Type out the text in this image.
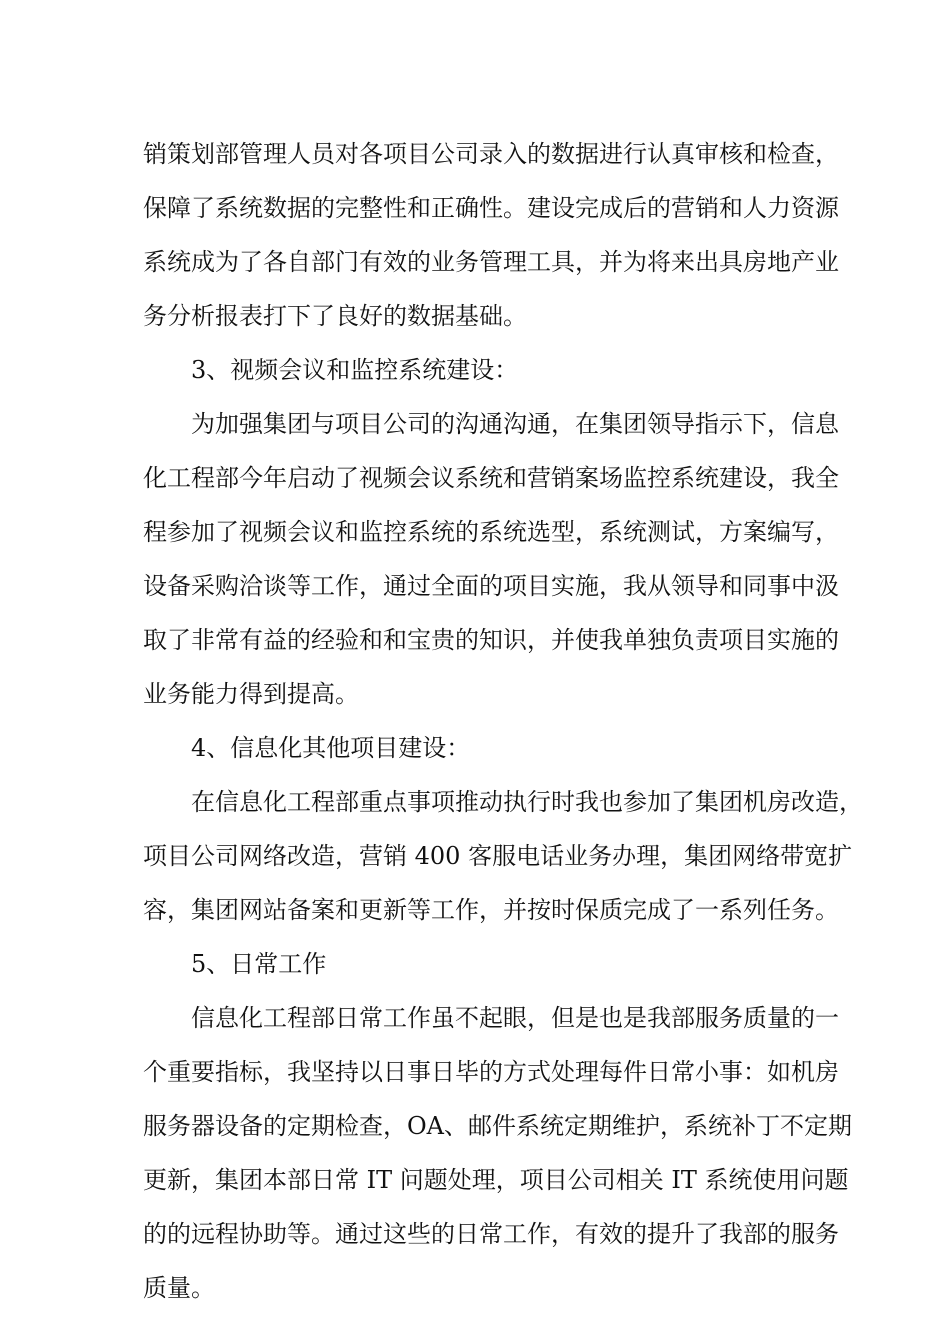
销策划部管理人员对各项目公司录入的数据进行认真审核和检查，
保障了系统数据的完整性和正确性。建设完成后的营销和人力资源
系统成为了各自部门有效的业务管理工具，并为将来出具房地产业
务分析报表打下了良好的数据基础。
3、视频会议和监控系统建设：
为加强集团与项目公司的沟通沟通，在集团领导指示下，信息
化工程部今年启动了视频会议系统和营销案场监控系统建设，我全
程参加了视频会议和监控系统的系统选型，系统测试，方案编写，
设备采购洽谈等工作，通过全面的项目实施，我从领导和同事中汲
取了非常有益的经验和和宝贵的知识，并使我单独负责项目实施的
业务能力得到提高。
4、信息化其他项目建设：
在信息化工程部重点事项推动执行时我也参加了集团机房改造，
项目公司网络改造，营销 400 客服电话业务办理，集团网络带宽扩
容，集团网站备案和更新等工作，并按时保质完成了一系列任务。
5、日常工作
信息化工程部日常工作虽不起眼，但是也是我部服务质量的一
个重要指标，我坚持以日事日毕的方式处理每件日常小事：如机房
服务器设备的定期检查，OA、邮件系统定期维护，系统补丁不定期
更新，集团本部日常 IT 问题处理，项目公司相关 IT 系统使用问题
的的远程协助等。通过这些的日常工作，有效的提升了我部的服务
质量。
